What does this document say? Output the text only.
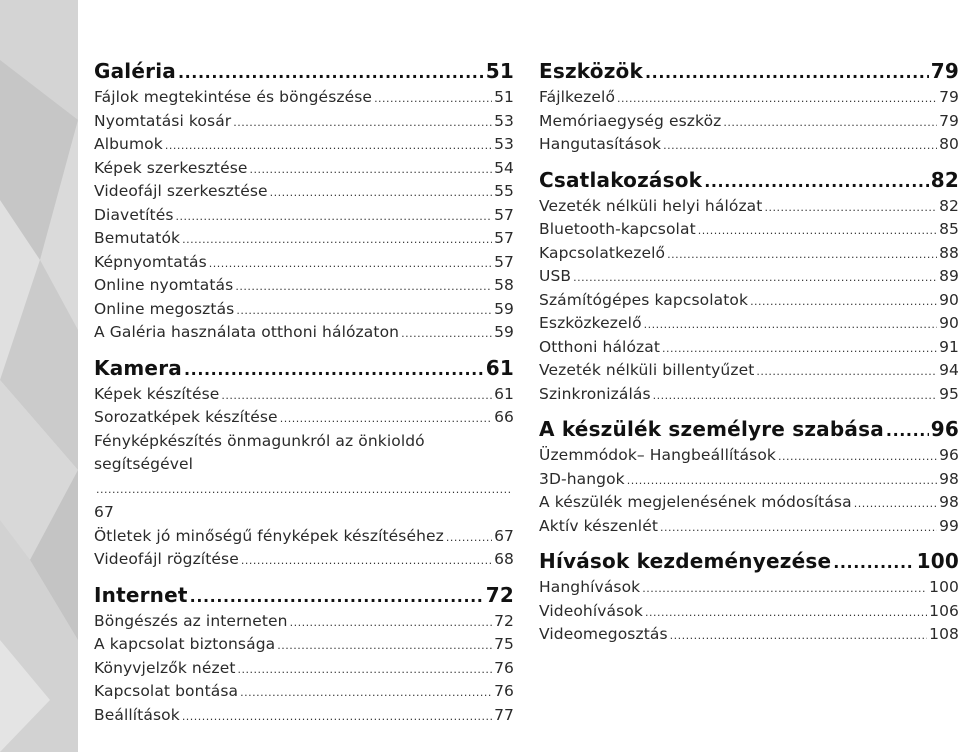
Galéria .....	51
Fájlok megtekintése és böngészése .....	51
Nyomtatási kosár .....	53
Albumok .....	53
Képek szerkesztése .....	54
Videofájl szerkesztése .....	55
Diavetítés .....	57
Bemutatók .....	57
Képnyomtatás .....	57
Online nyomtatás .....	58
Online megosztás .....	59
A Galéria használata otthoni hálózaton .....	59
Kamera .....	61
Képek készítése .....	61
Sorozatképek készítése .....	66
Fényképkészítés önmagunkról az önkioldó
segítségével
.....
67
Ötletek jó minőségű fényképek készítéséhez .....	67
Videofájl rögzítése .....	68
Internet .....	72
Böngészés az interneten .....	72
A kapcsolat biztonsága .....	75
Könyvjelzők nézet .....	76
Kapcsolat bontása .....	76
Beállítások .....	77
Eszközök .....	79
Fájlkezelő .....	79
Memóriaegység eszköz .....	79
Hangutasítások .....	80
Csatlakozások .....	82
Vezeték nélküli helyi hálózat .....	82
Bluetooth-kapcsolat .....	85
Kapcsolatkezelő .....	88
USB .....	89
Számítógépes kapcsolatok .....	90
Eszközkezelő .....	90
Otthoni hálózat .....	91
Vezeték nélküli billentyűzet .....	94
Szinkronizálás .....	95
A készülék személyre szabása ..... 96
Üzemmódok– Hangbeállítások .....	96
3D-hangok .....	98
A készülék megjelenésének módosítása .....	98
Aktív készenlét .....	99
Hívások kezdeményezése .....	100
Hanghívások .....	100
Videohívások .....	106
Videomegosztás .....	108
